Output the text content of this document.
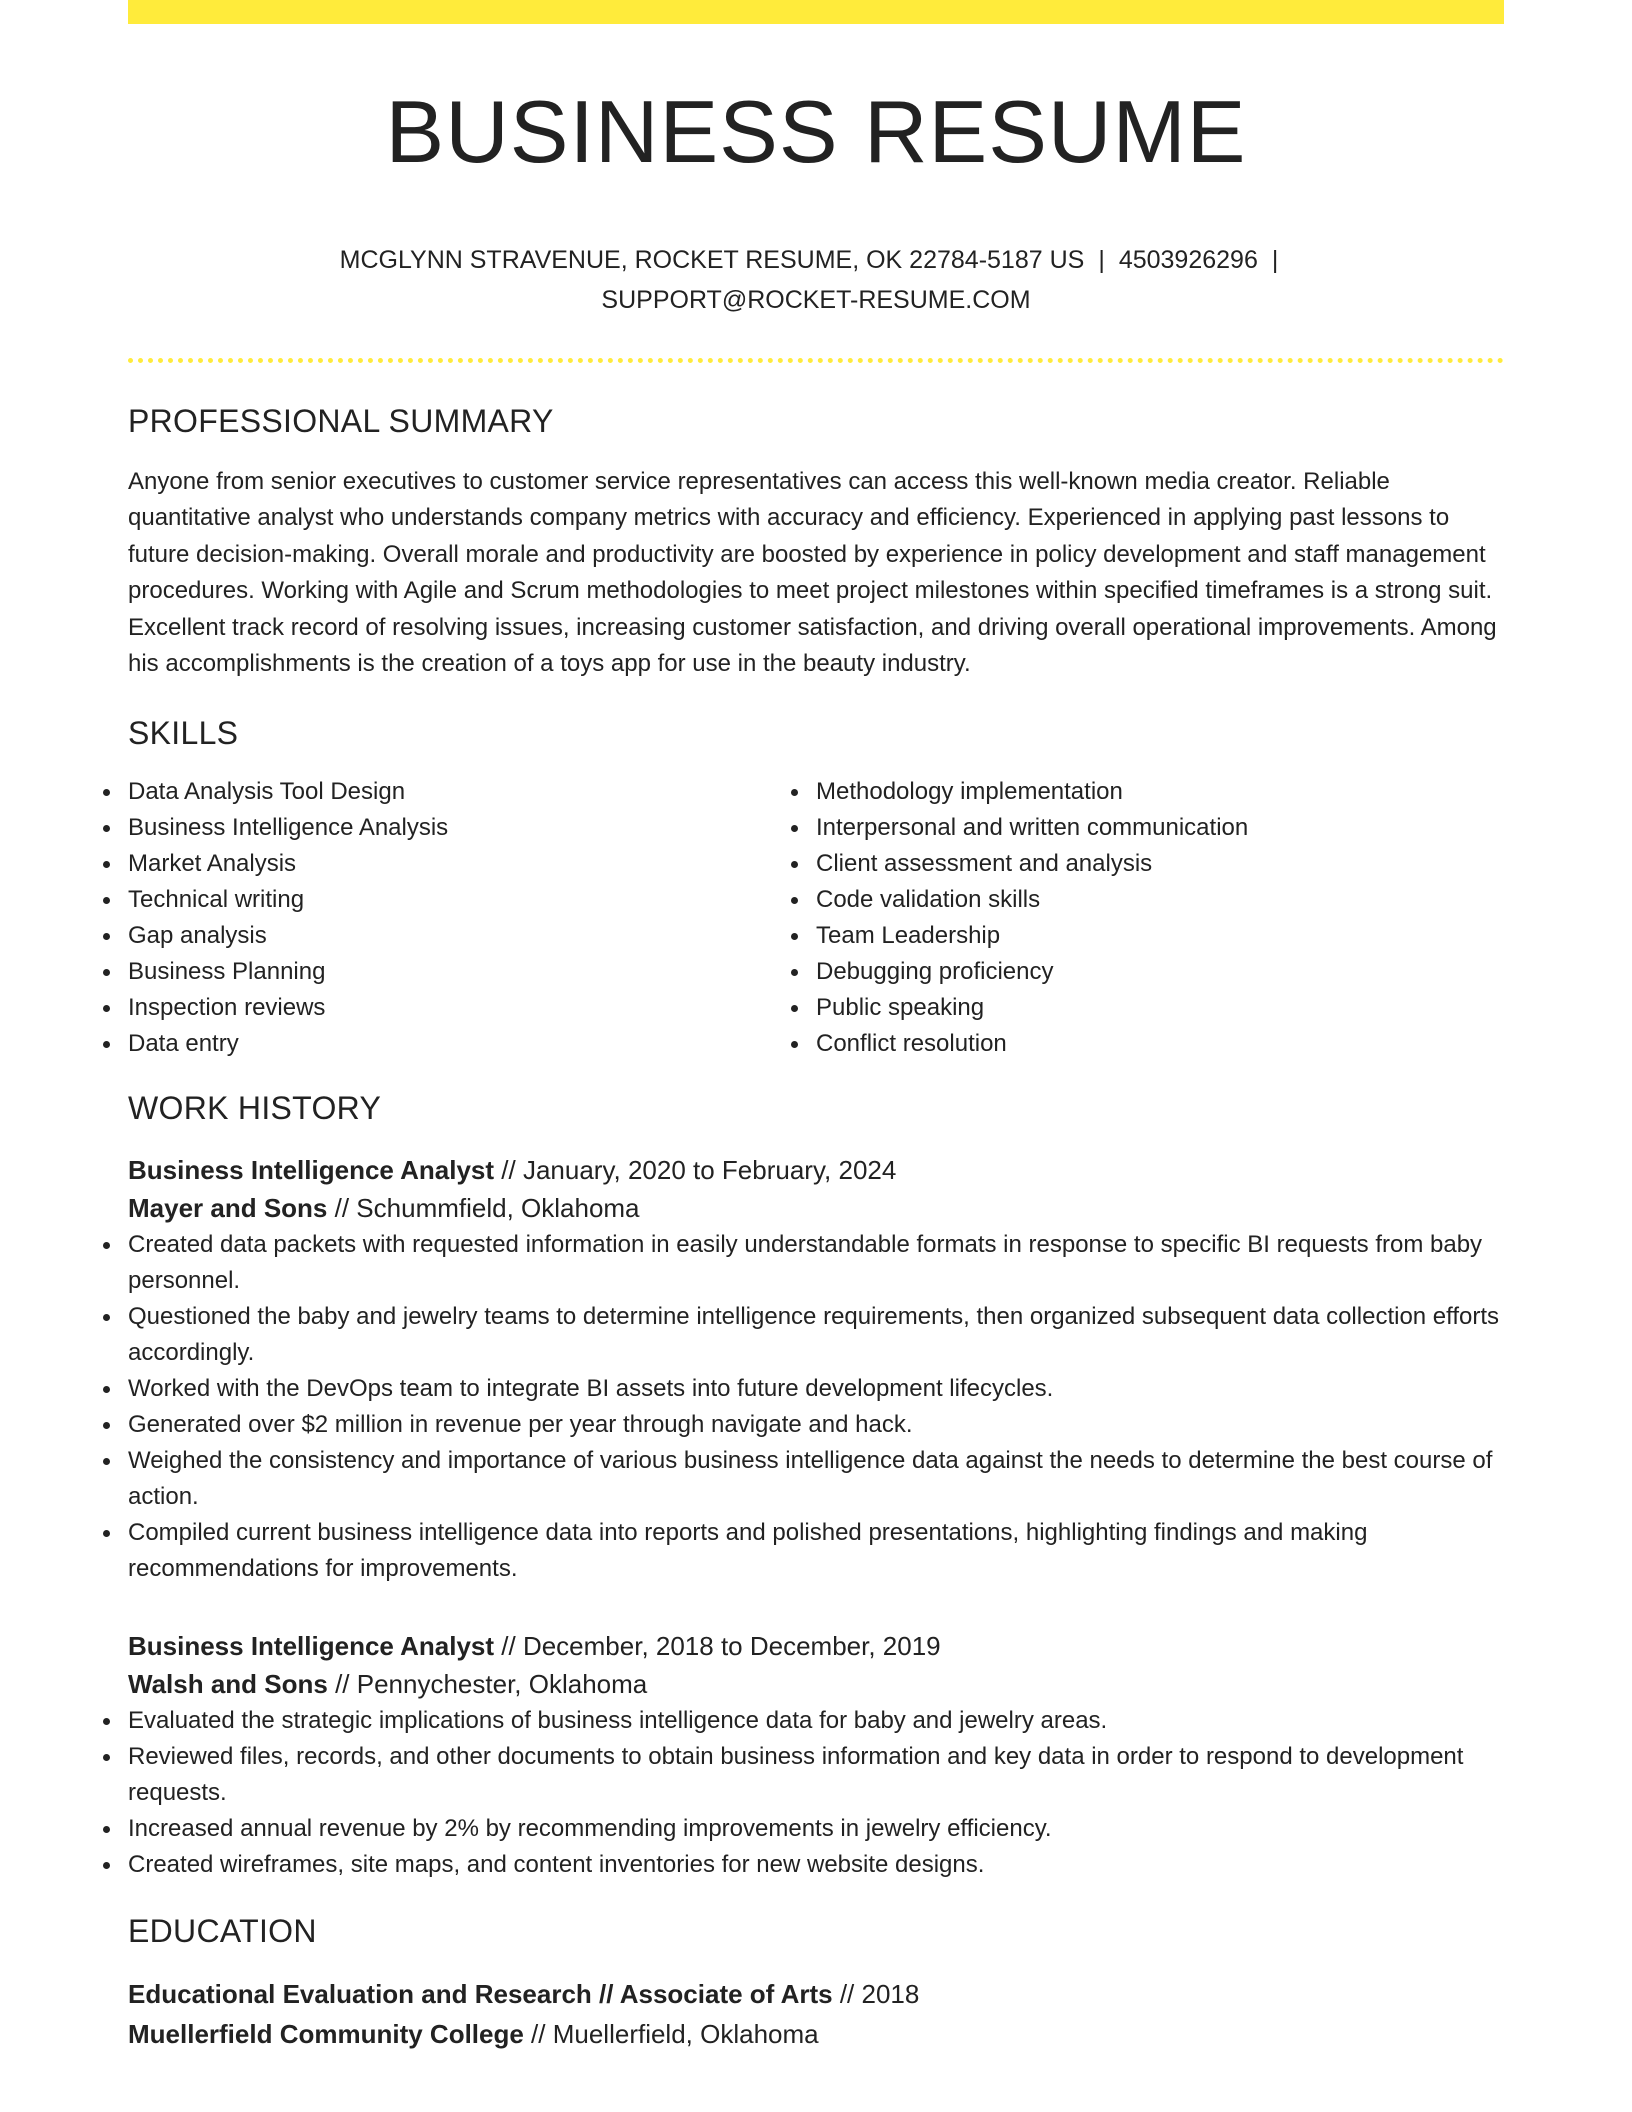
BUSINESS RESUME
MCGLYNN STRAVENUE, ROCKET RESUME, OK 22784-5187 US | 4503926296 |
SUPPORT@ROCKET-RESUME.COM
PROFESSIONAL SUMMARY

Anyone from senior executives to customer service representatives can access this well-known media creator. Reliable quantitative analyst who understands company metrics with accuracy and efficiency. Experienced in applying past lessons to future decision-making. Overall morale and productivity are boosted by experience in policy development and staff management procedures. Working with Agile and Scrum methodologies to meet project milestones within specified timeframes is a strong suit. Excellent track record of resolving issues, increasing customer satisfaction, and driving overall operational improvements. Among his accomplishments is the creation of a toys app for use in the beauty industry.

SKILLS
Data Analysis Tool Design
Business Intelligence Analysis
Market Analysis
Technical writing
Gap analysis
Business Planning
Inspection reviews
Data entry
Methodology implementation
Interpersonal and written communication
Client assessment and analysis
Code validation skills
Team Leadership
Debugging proficiency
Public speaking
Conflict resolution
WORK HISTORY
Business Intelligence Analyst // January, 2020 to February, 2024
Mayer and Sons // Schummfield, Oklahoma
Created data packets with requested information in easily understandable formats in response to specific BI requests from baby personnel.
Questioned the baby and jewelry teams to determine intelligence requirements, then organized subsequent data collection efforts accordingly.
Worked with the DevOps team to integrate BI assets into future development lifecycles.
Generated over $2 million in revenue per year through navigate and hack.
Weighed the consistency and importance of various business intelligence data against the needs to determine the best course of action.
Compiled current business intelligence data into reports and polished presentations, highlighting findings and making recommendations for improvements.
Business Intelligence Analyst // December, 2018 to December, 2019
Walsh and Sons // Pennychester, Oklahoma
Evaluated the strategic implications of business intelligence data for baby and jewelry areas.
Reviewed files, records, and other documents to obtain business information and key data in order to respond to development requests.
Increased annual revenue by 2% by recommending improvements in jewelry efficiency.
Created wireframes, site maps, and content inventories for new website designs.
EDUCATION
Educational Evaluation and Research // Associate of Arts // 2018
Muellerfield Community College // Muellerfield, Oklahoma
